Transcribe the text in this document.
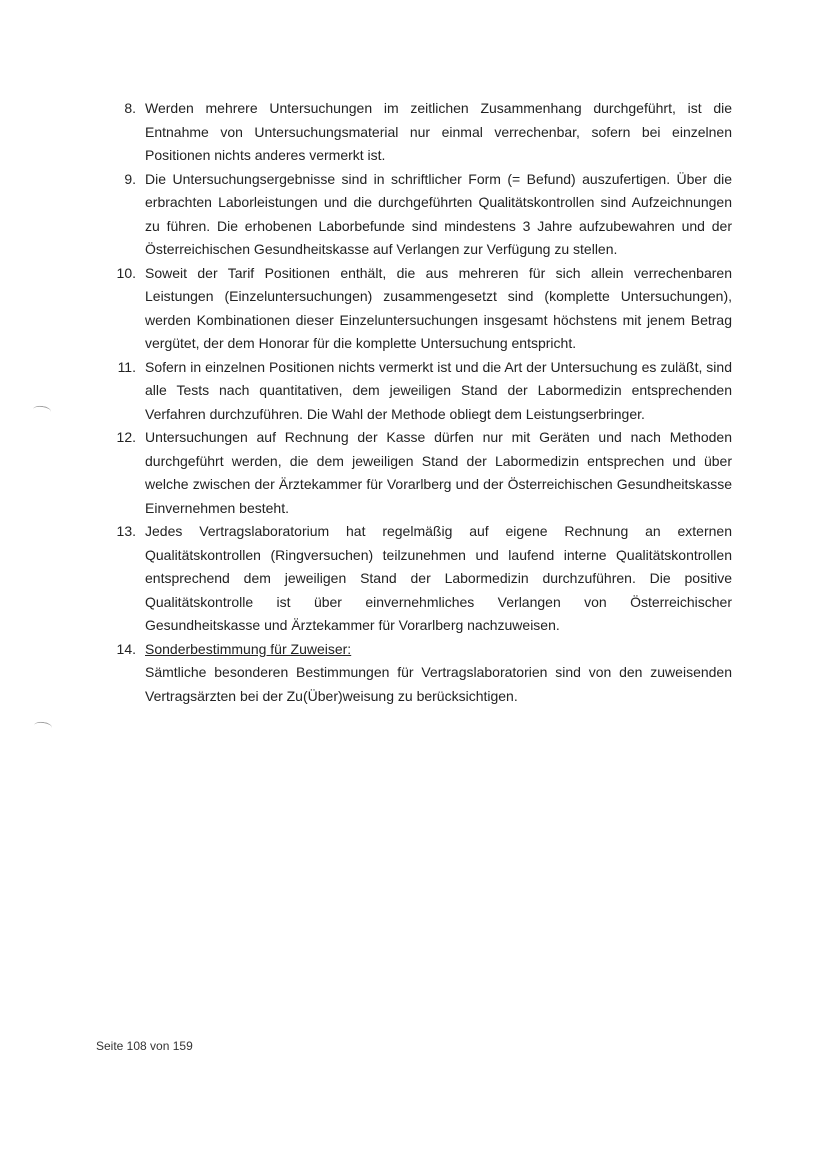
8. Werden mehrere Untersuchungen im zeitlichen Zusammenhang durchgeführt, ist die Entnahme von Untersuchungsmaterial nur einmal verrechenbar, sofern bei einzelnen Positionen nichts anderes vermerkt ist.
9. Die Untersuchungsergebnisse sind in schriftlicher Form (= Befund) auszufertigen. Über die erbrachten Laborleistungen und die durchgeführten Qualitätskontrollen sind Aufzeichnungen zu führen. Die erhobenen Laborbefunde sind mindestens 3 Jahre aufzubewahren und der Österreichischen Gesundheitskasse auf Verlangen zur Verfügung zu stellen.
10. Soweit der Tarif Positionen enthält, die aus mehreren für sich allein verrechenbaren Leistungen (Einzeluntersuchungen) zusammengesetzt sind (komplette Untersuchungen), werden Kombinationen dieser Einzeluntersuchungen insgesamt höchstens mit jenem Betrag vergütet, der dem Honorar für die komplette Untersuchung entspricht.
11. Sofern in einzelnen Positionen nichts vermerkt ist und die Art der Untersuchung es zuläßt, sind alle Tests nach quantitativen, dem jeweiligen Stand der Labormedizin entsprechenden Verfahren durchzuführen. Die Wahl der Methode obliegt dem Leistungserbringer.
12. Untersuchungen auf Rechnung der Kasse dürfen nur mit Geräten und nach Methoden durchgeführt werden, die dem jeweiligen Stand der Labormedizin entsprechen und über welche zwischen der Ärztekammer für Vorarlberg und der Österreichischen Gesundheitskasse Einvernehmen besteht.
13. Jedes Vertragslaboratorium hat regelmäßig auf eigene Rechnung an externen Qualitätskontrollen (Ringversuchen) teilzunehmen und laufend interne Qualitätskontrollen entsprechend dem jeweiligen Stand der Labormedizin durchzuführen. Die positive Qualitätskontrolle ist über einvernehmliches Verlangen von Österreichischer Gesundheitskasse und Ärztekammer für Vorarlberg nachzuweisen.
14. Sonderbestimmung für Zuweiser:
Sämtliche besonderen Bestimmungen für Vertragslaboratorien sind von den zuweisenden Vertragsärzten bei der Zu(Über)weisung zu berücksichtigen.
Seite 108 von 159
